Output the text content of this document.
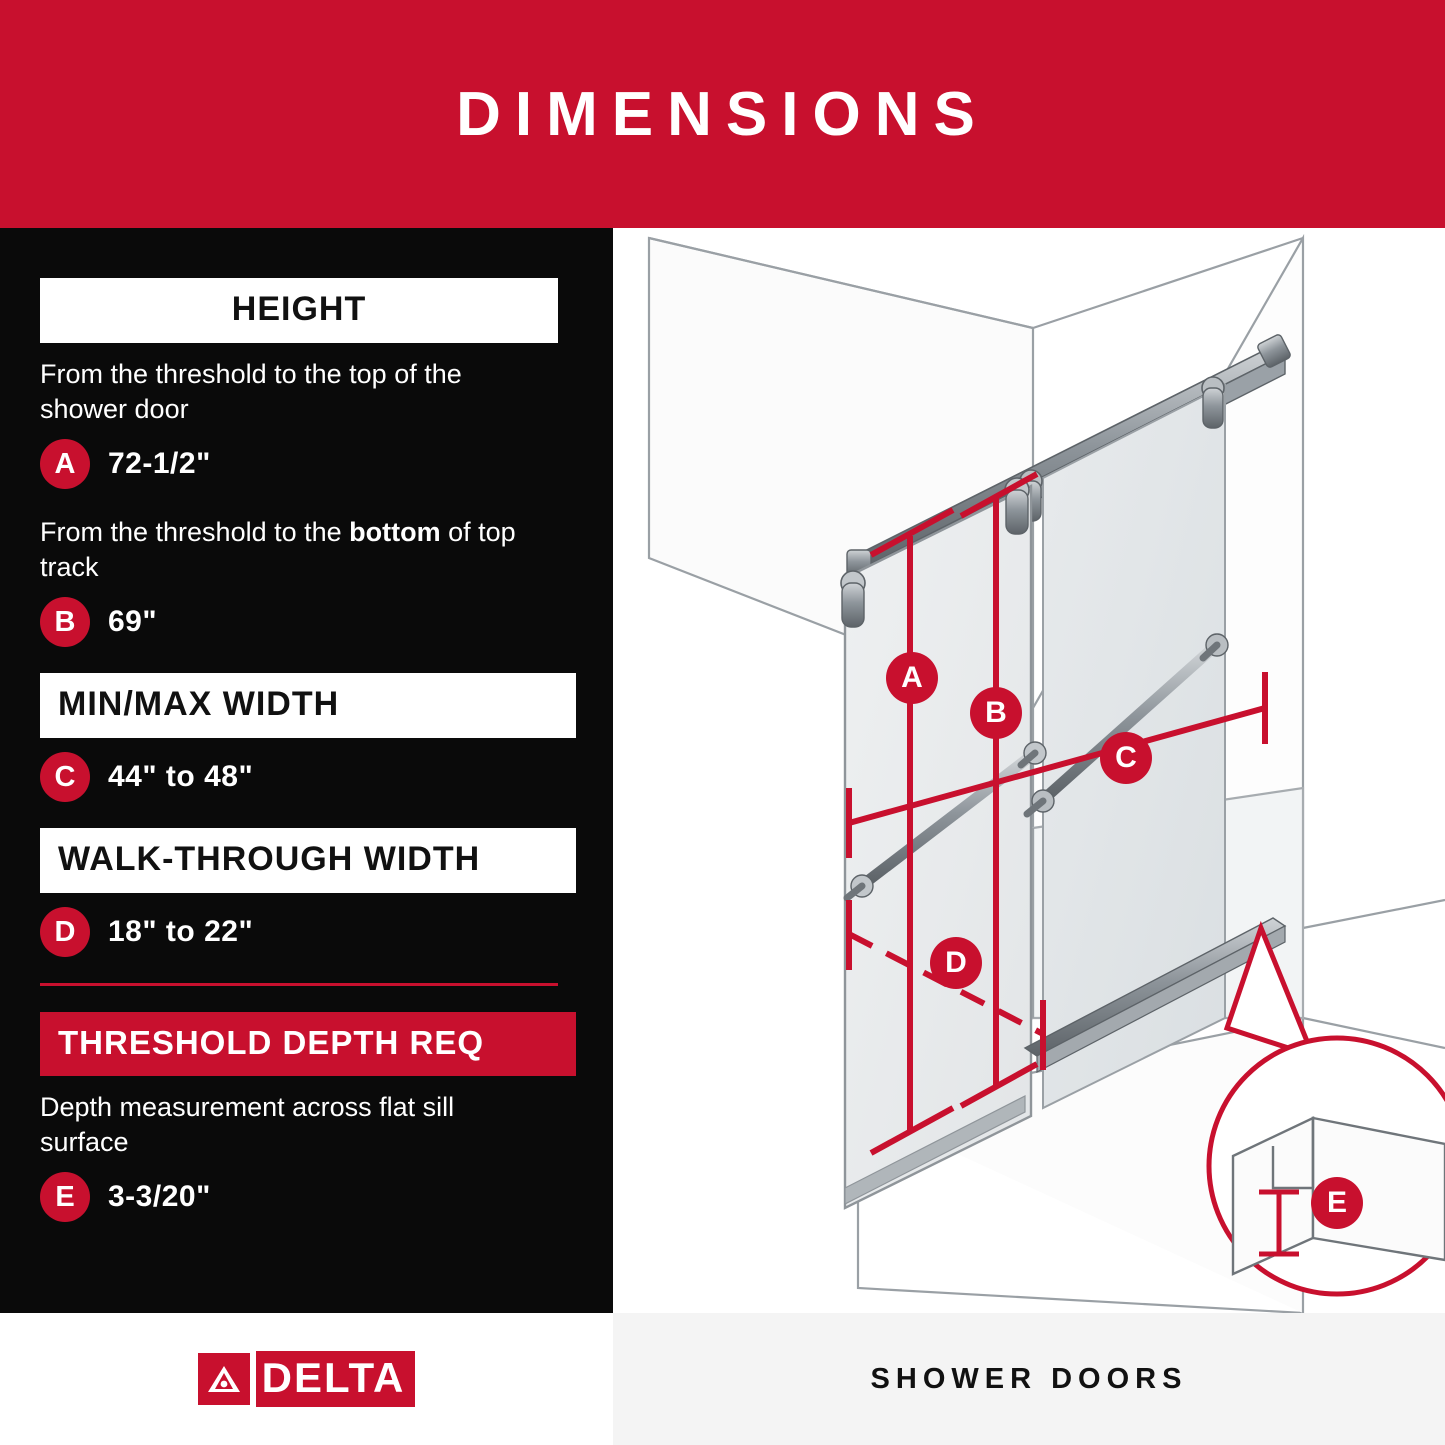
DIMENSIONS
HEIGHT
From the threshold to the top of the shower door
A	72-1/2"
From the threshold to the bottom of top track
B	69"
MIN/MAX WIDTH
C	44" to 48"
WALK-THROUGH WIDTH
D	18" to 22"
THRESHOLD DEPTH REQ
Depth measurement across flat sill surface
E	3-3/20"
A
B
C
D
E
DELTA	SHOWER DOORS
